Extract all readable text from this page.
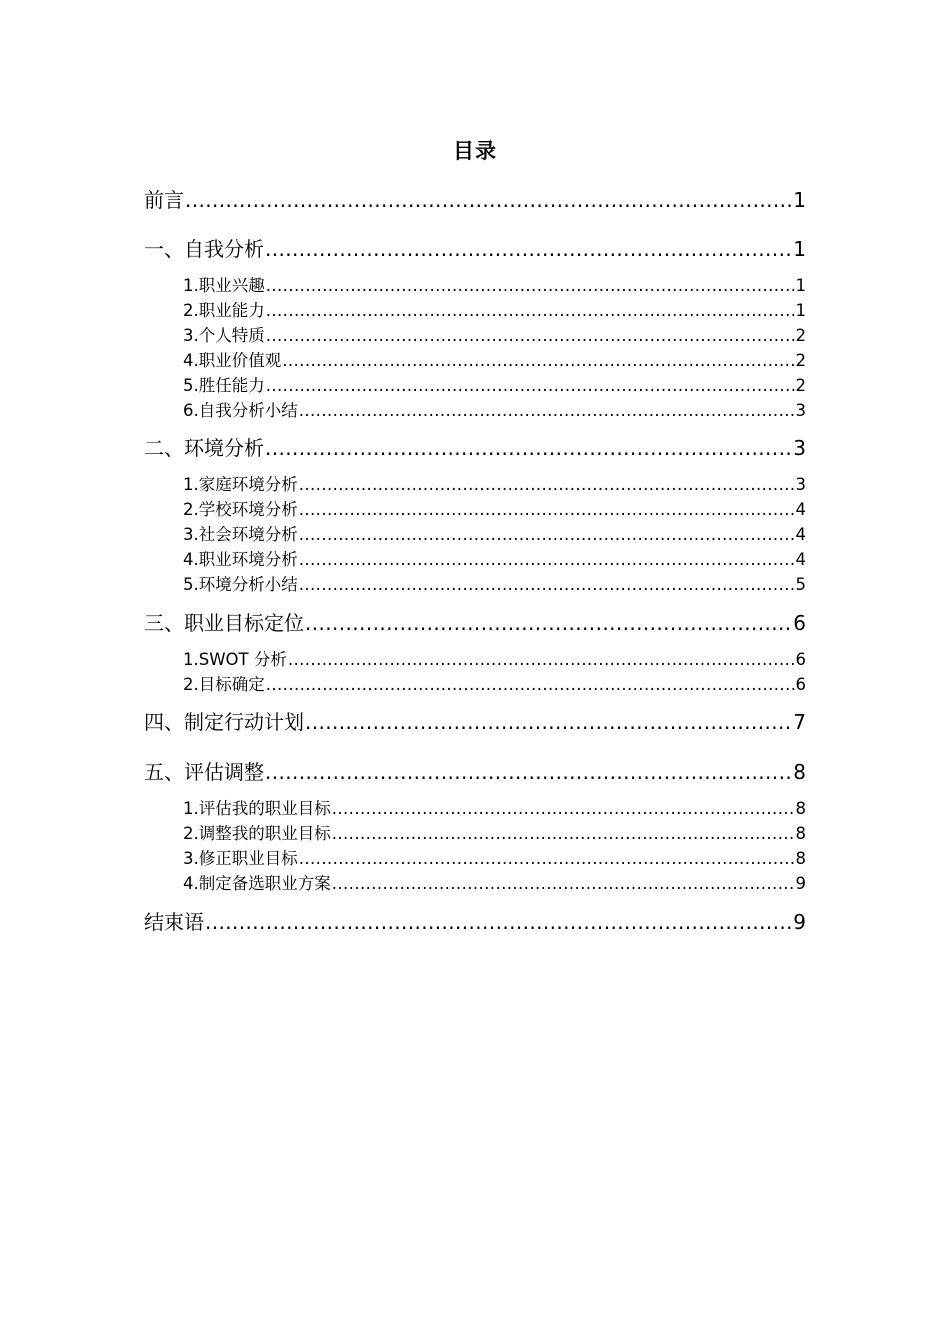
目录
前言 .....	1
一、自我分析 .....	1
1.职业兴趣 .....	1
2.职业能力 .....	1
3.个人特质 .....	2
4.职业价值观 .....	2
5.胜任能力 .....	2
6.自我分析小结 .....	3
二、环境分析 .....	3
1.家庭环境分析 .....	3
2.学校环境分析 .....	4
3.社会环境分析 .....	4
4.职业环境分析 .....	4
5.环境分析小结 .....	5
三、职业目标定位 .....	6
1.SWOT 分析 .....	6
2.目标确定 .....	6
四、制定行动计划 .....	7
五、评估调整 .....	8
1.评估我的职业目标 .....	8
2.调整我的职业目标 .....	8
3.修正职业目标 .....	8
4.制定备选职业方案 .....	9
结束语 .....	9
